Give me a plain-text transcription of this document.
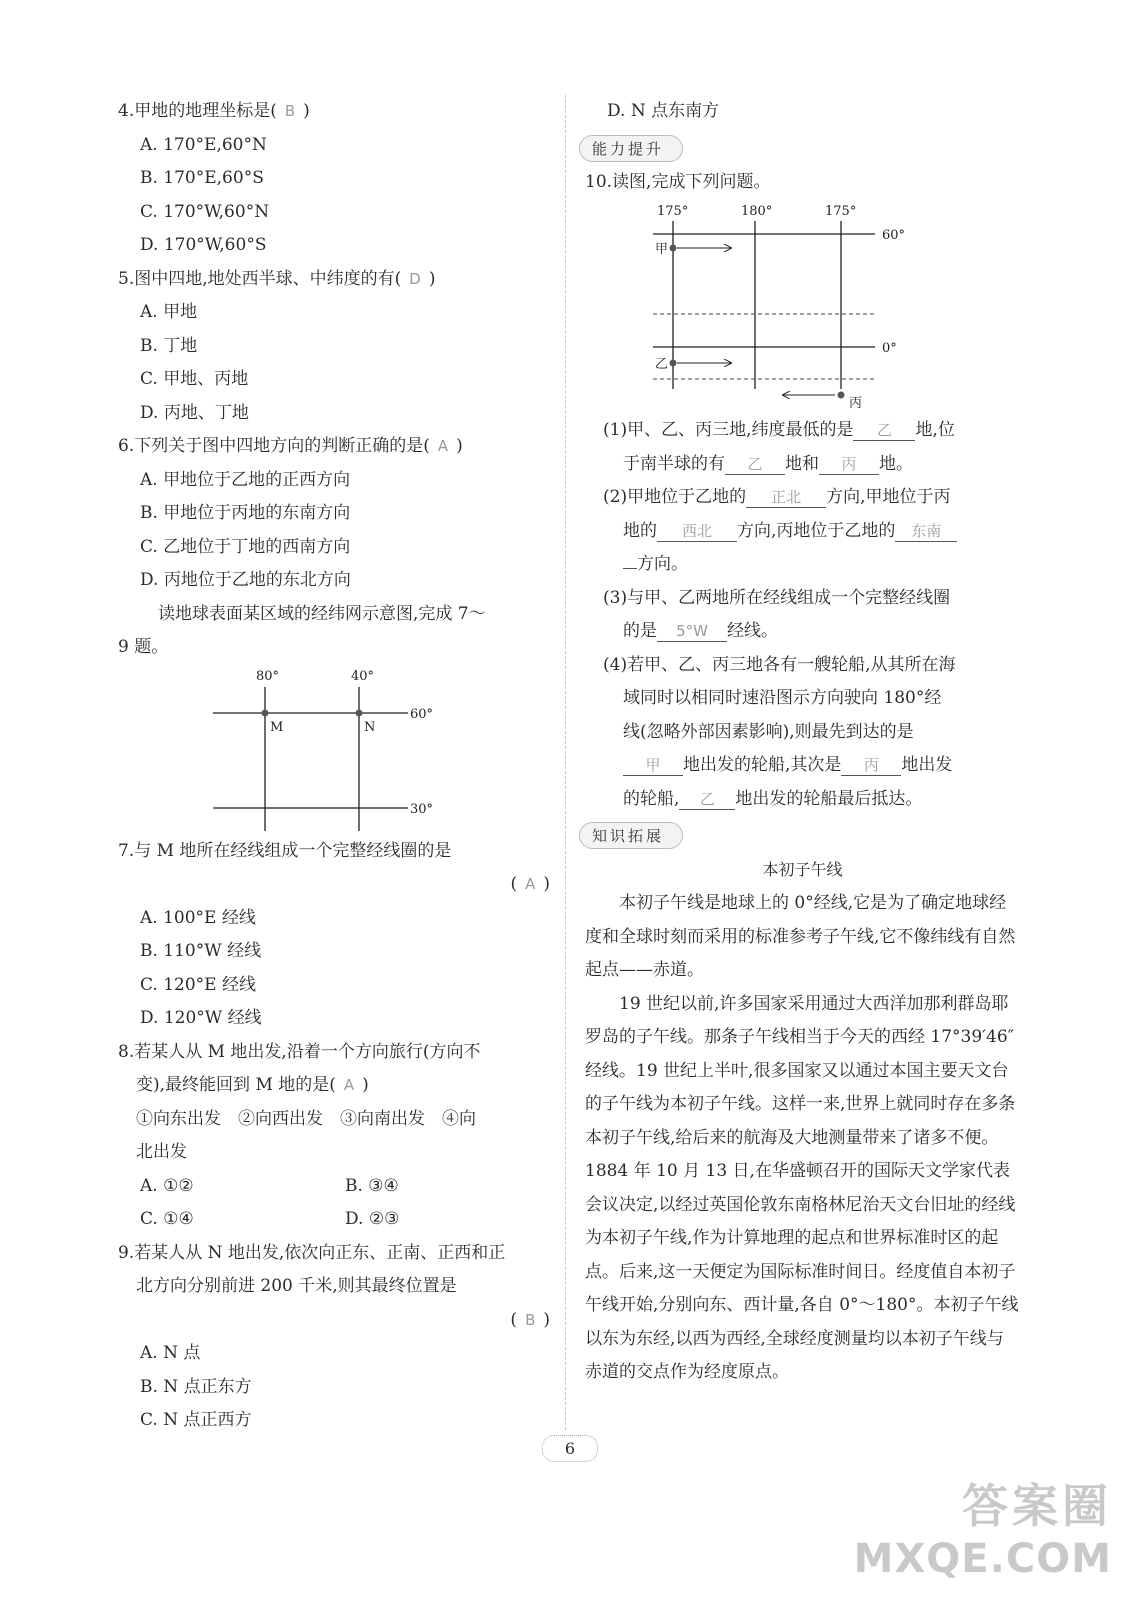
4.甲地的地理坐标是( B )
A. 170°E,60°N
B. 170°E,60°S
C. 170°W,60°N
D. 170°W,60°S
5.图中四地,地处西半球、中纬度的有( D )
A. 甲地
B. 丁地
C. 甲地、丙地
D. 丙地、丁地
6.下列关于图中四地方向的判断正确的是( A )
A. 甲地位于乙地的正西方向
B. 甲地位于丙地的东南方向
C. 乙地位于丁地的西南方向
D. 丙地位于乙地的东北方向
读地球表面某区域的经纬网示意图,完成 7～
9 题。
80°	40°
60°
30°
M	N
7.与 M 地所在经线组成一个完整经线圈的是
( A )
A. 100°E 经线
B. 110°W 经线
C. 120°E 经线
D. 120°W 经线
8.若某人从 M 地出发,沿着一个方向旅行(方向不
变),最终能回到 M 地的是( A )
①向东出发　②向西出发　③向南出发　④向
北出发
A. ①②	B. ③④
C. ①④	D. ②③
9.若某人从 N 地出发,依次向正东、正南、正西和正
北方向分别前进 200 千米,则其最终位置是
( B )
A. N 点
B. N 点正东方
C. N 点正西方
D. N 点东南方
能力提升
10.读图,完成下列问题。
175°	180°	175°
60°
0°
甲
乙
丙
(1)甲、乙、丙三地,纬度最低的是 乙 地,位
于南半球的有 乙 地和 丙 地。
(2)甲地位于乙地的 正北 方向,甲地位于丙
地的 西北 方向,丙地位于乙地的 东南
方向。
(3)与甲、乙两地所在经线组成一个完整经线圈
的是 5°W 经线。
(4)若甲、乙、丙三地各有一艘轮船,从其所在海
域同时以相同时速沿图示方向驶向 180°经
线(忽略外部因素影响),则最先到达的是
甲 地出发的轮船,其次是 丙 地出发
的轮船, 乙 地出发的轮船最后抵达。
知识拓展
本初子午线
本初子午线是地球上的 0°经线,它是为了确定地球经度和全球时刻而采用的标准参考子午线,它不像纬线有自然起点——赤道。
19 世纪以前,许多国家采用通过大西洋加那利群岛耶罗岛的子午线。那条子午线相当于今天的西经 17°39′46″经线。19 世纪上半叶,很多国家又以通过本国主要天文台的子午线为本初子午线。这样一来,世界上就同时存在多条本初子午线,给后来的航海及大地测量带来了诸多不便。1884 年 10 月 13 日,在华盛顿召开的国际天文学家代表会议决定,以经过英国伦敦东南格林尼治天文台旧址的经线为本初子午线,作为计算地理的起点和世界标准时区的起点。后来,这一天便定为国际标准时间日。经度值自本初子午线开始,分别向东、西计量,各自 0°～180°。本初子午线以东为东经,以西为西经,全球经度测量均以本初子午线与赤道的交点作为经度原点。
6
答案圈
MXQE.COM
